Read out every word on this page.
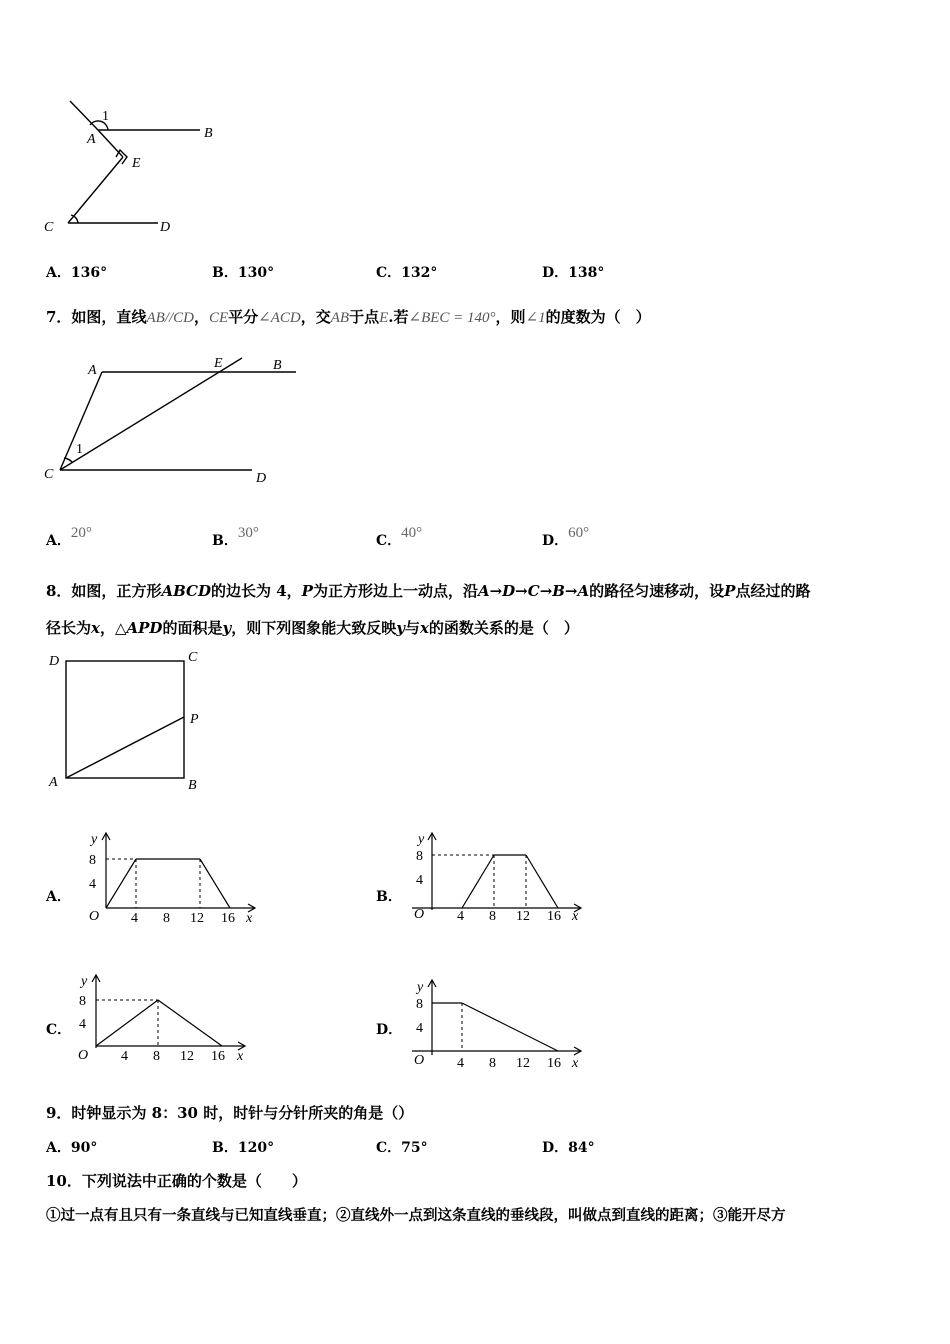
1
A	B
E
C	D
A．136°	B．130°	C．132°	D．138°
7．如图，直线AB//CD，CE平分∠ACD，交AB于点E.若∠BEC = 140°，则∠1的度数为（　）
A	E	B
1
C	D
A．20°	B．30°	C．40°	D．60°
8．如图，正方形ABCD的边长为 4，P为正方形边上一动点，沿A→D→C→B→A的路径匀速移动，设P点经过的路
径长为x，△APD的面积是y，则下列图象能大致反映y与x的函数关系的是（　）
D	C
P
A	B
A．	B．
C．	D．
y
8
4
O 4 8 12 16 x
y
8
4
O 4 8 12 16 x
y
8
4
O 4 8 12 16 x
y
8
4
O 4 8 12 16 x
9．时钟显示为 8：30 时，时针与分针所夹的角是（）
A．90°	B．120°	C．75°	D．84°
10．下列说法中正确的个数是（　　）
①过一点有且只有一条直线与已知直线垂直；②直线外一点到这条直线的垂线段，叫做点到直线的距离；③能开尽方
